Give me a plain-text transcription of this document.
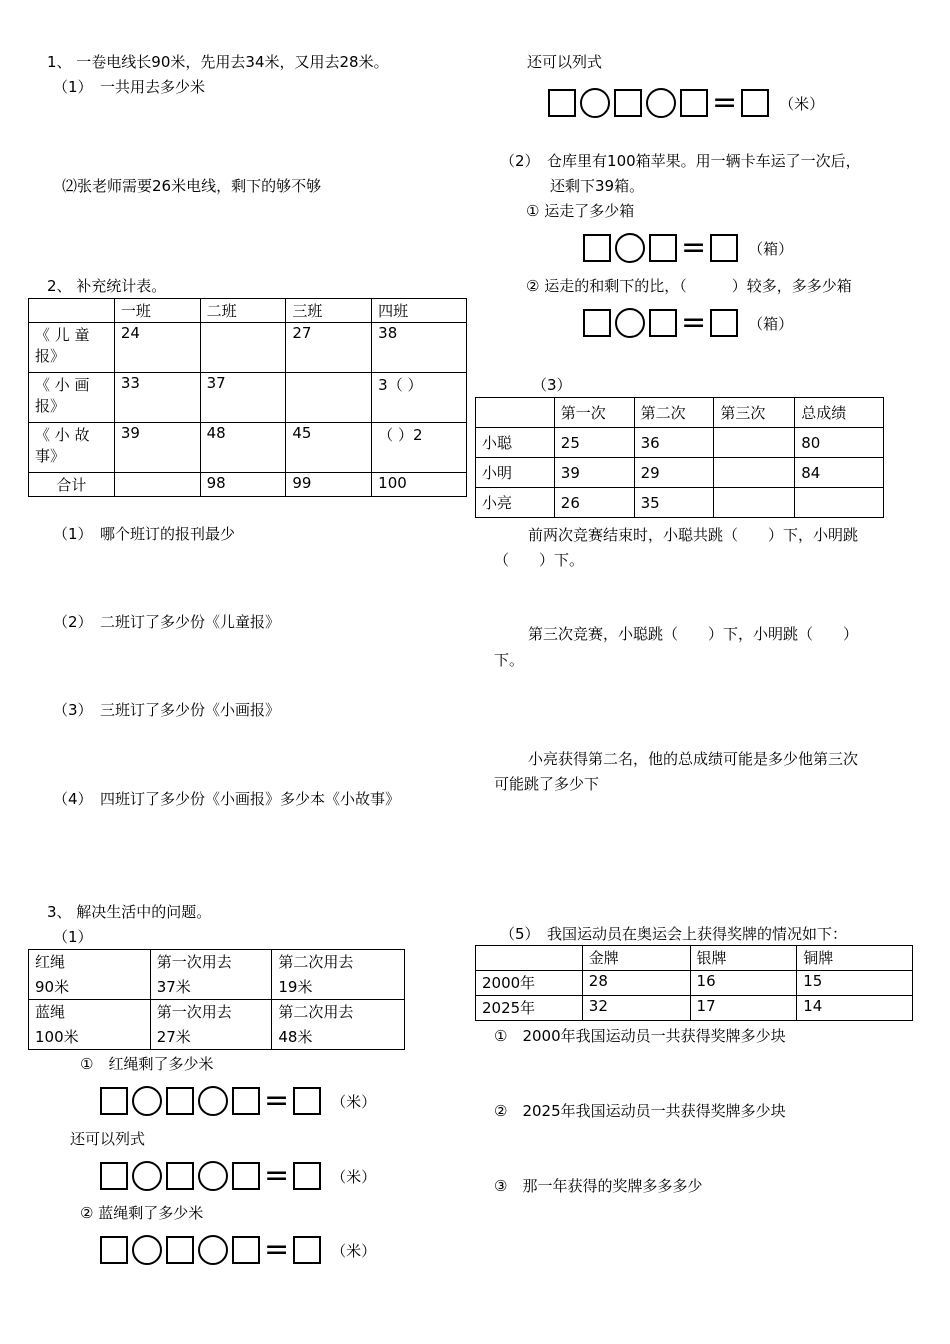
1、 一卷电线长90米，先用去34米，又用去28米。
（1）　一共用去多少米
⑵张老师需要26米电线，剩下的够不够
还可以列式
=	（米）
2、 补充统计表。
	一班	二班	三班	四班
《 儿 童 报》	24		27	38
《 小 画 报》	33	37		3（ ）
《 小 故 事》	39	48	45	（ ）2
合计		98	99	100
（1）　哪个班订的报刊最少
（2）　二班订了多少份《儿童报》
（3）　三班订了多少份《小画报》
（4）　四班订了多少份《小画报》多少本《小故事》
（2）　仓库里有100箱苹果。用一辆卡车运了一次后，
还剩下39箱。
① 运走了多少箱
=	（箱）
② 运走的和剩下的比，（　　　）较多，多多少箱
=	（箱）
（3）
	第一次	第二次	第三次	总成绩
小聪	25	36		80
小明	39	29		84
小亮	26	35		
前两次竞赛结束时，小聪共跳（　　）下，小明跳
（　　）下。
第三次竞赛，小聪跳（　　）下，小明跳（　　）
下。
小亮获得第二名，他的总成绩可能是多少他第三次
可能跳了多少下
3、 解决生活中的问题。
（1）
红绳	第一次用去	第二次用去
90米	37米	19米
蓝绳	第一次用去	第二次用去
100米	27米	48米
①　红绳剩了多少米
=	（米）
还可以列式
=	（米）
② 蓝绳剩了多少米
=	（米）
（5）　我国运动员在奥运会上获得奖牌的情况如下：
	金牌	银牌	铜牌
2000年	28	16	15
2025年	32	17	14
①　2000年我国运动员一共获得奖牌多少块
②　2025年我国运动员一共获得奖牌多少块
③　那一年获得的奖牌多多多少
